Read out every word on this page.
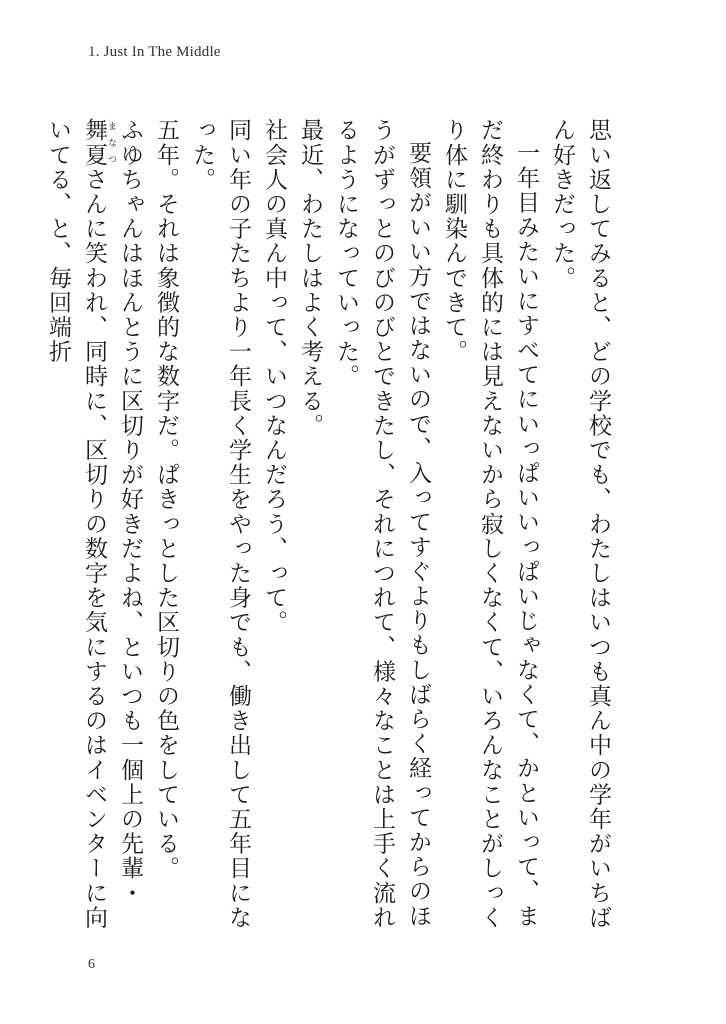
1. Just In The Middle

思い返してみると、どの学校でも、わたしはいつも真ん中の学年がいちばん好きだった。

一年目みたいにすべてにいっぱいいっぱいじゃなくて、かといって、まだ終わりも具体的には見えないから寂しくなくて、いろんなことがしっくり体に馴染んできて。

要領がいい方ではないので、入ってすぐよりもしばらく経ってからのほうがずっとのびのびとできたし、それにつれて、様々なことは上手く流れるようになっていった。

最近、わたしはよく考える。

社会人の真ん中って、いつなんだろう、って。

同い年の子たちより一年長く学生をやった身でも、働き出して五年目になった。

五年。それは象徴的な数字だ。ぱきっとした区切りの色をしている。

ふゆちゃんはほんとうに区切りが好きだよね、といつも一個上の先輩・舞夏 まなつさんに笑われ、同時に、区切りの数字を気にするのはイベンターに向いてる、と、毎回端折

6
